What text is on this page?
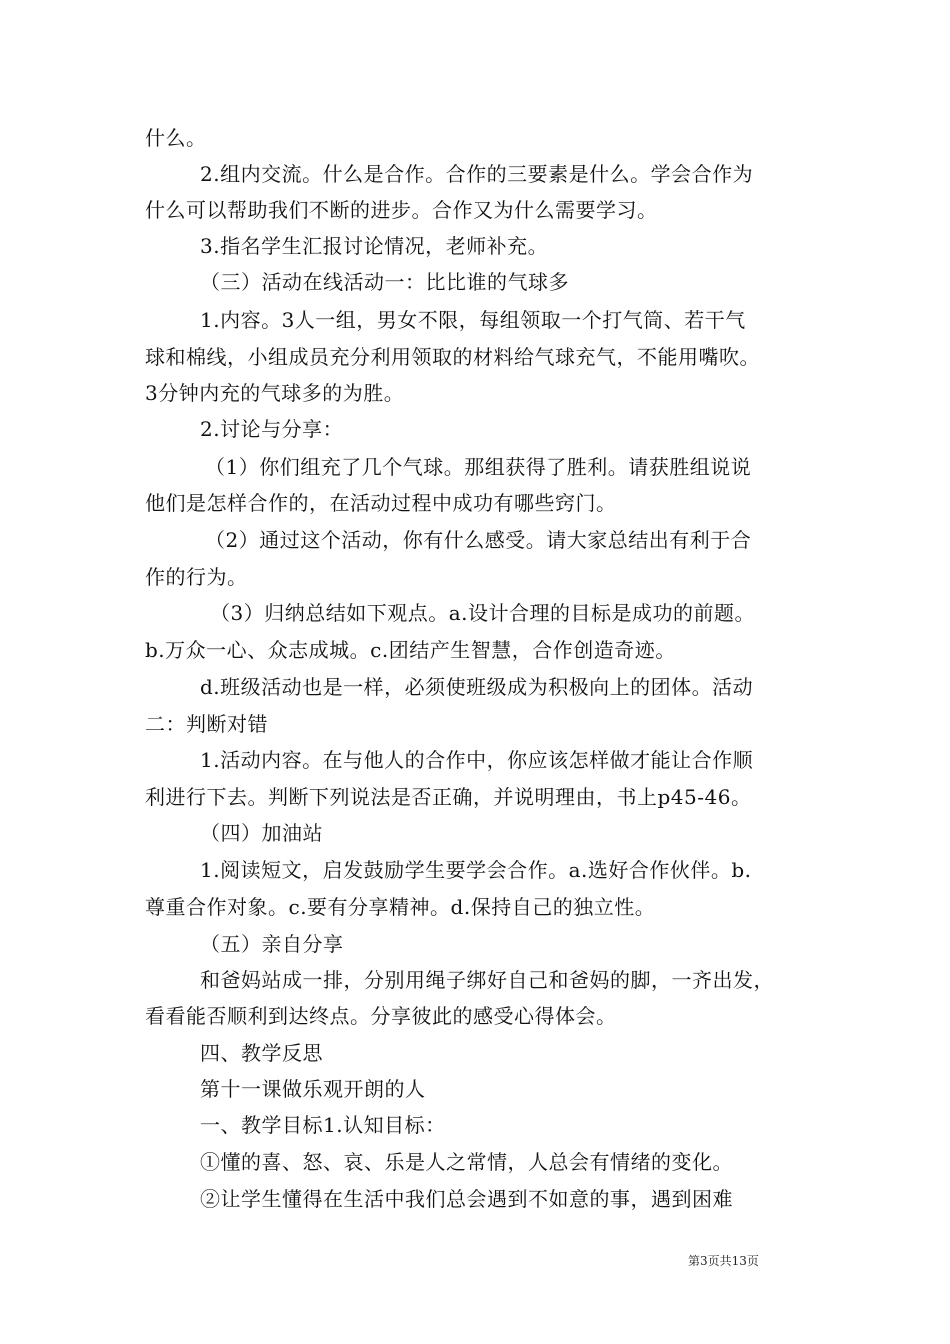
什么。
2.组内交流。什么是合作。合作的三要素是什么。学会合作为
什么可以帮助我们不断的进步。合作又为什么需要学习。
3.指名学生汇报讨论情况，老师补充。
（三）活动在线活动一：比比谁的气球多
1.内容。3人一组，男女不限，每组领取一个打气筒、若干气
球和棉线，小组成员充分利用领取的材料给气球充气，不能用嘴吹。
3分钟内充的气球多的为胜。
2.讨论与分享：
（1）你们组充了几个气球。那组获得了胜利。请获胜组说说
他们是怎样合作的，在活动过程中成功有哪些窍门。
（2）通过这个活动，你有什么感受。请大家总结出有利于合
作的行为。
（3）归纳总结如下观点。a.设计合理的目标是成功的前题。
b.万众一心、众志成城。c.团结产生智慧，合作创造奇迹。
d.班级活动也是一样，必须使班级成为积极向上的团体。活动
二：判断对错
1.活动内容。在与他人的合作中，你应该怎样做才能让合作顺
利进行下去。判断下列说法是否正确，并说明理由，书上p45-46。
（四）加油站
1.阅读短文，启发鼓励学生要学会合作。a.选好合作伙伴。b.
尊重合作对象。c.要有分享精神。d.保持自己的独立性。
（五）亲自分享
和爸妈站成一排，分别用绳子绑好自己和爸妈的脚，一齐出发，
看看能否顺利到达终点。分享彼此的感受心得体会。
四、教学反思
第十一课做乐观开朗的人
一、教学目标1.认知目标：
①懂的喜、怒、哀、乐是人之常情，人总会有情绪的变化。
②让学生懂得在生活中我们总会遇到不如意的事，遇到困难
第3页共13页
